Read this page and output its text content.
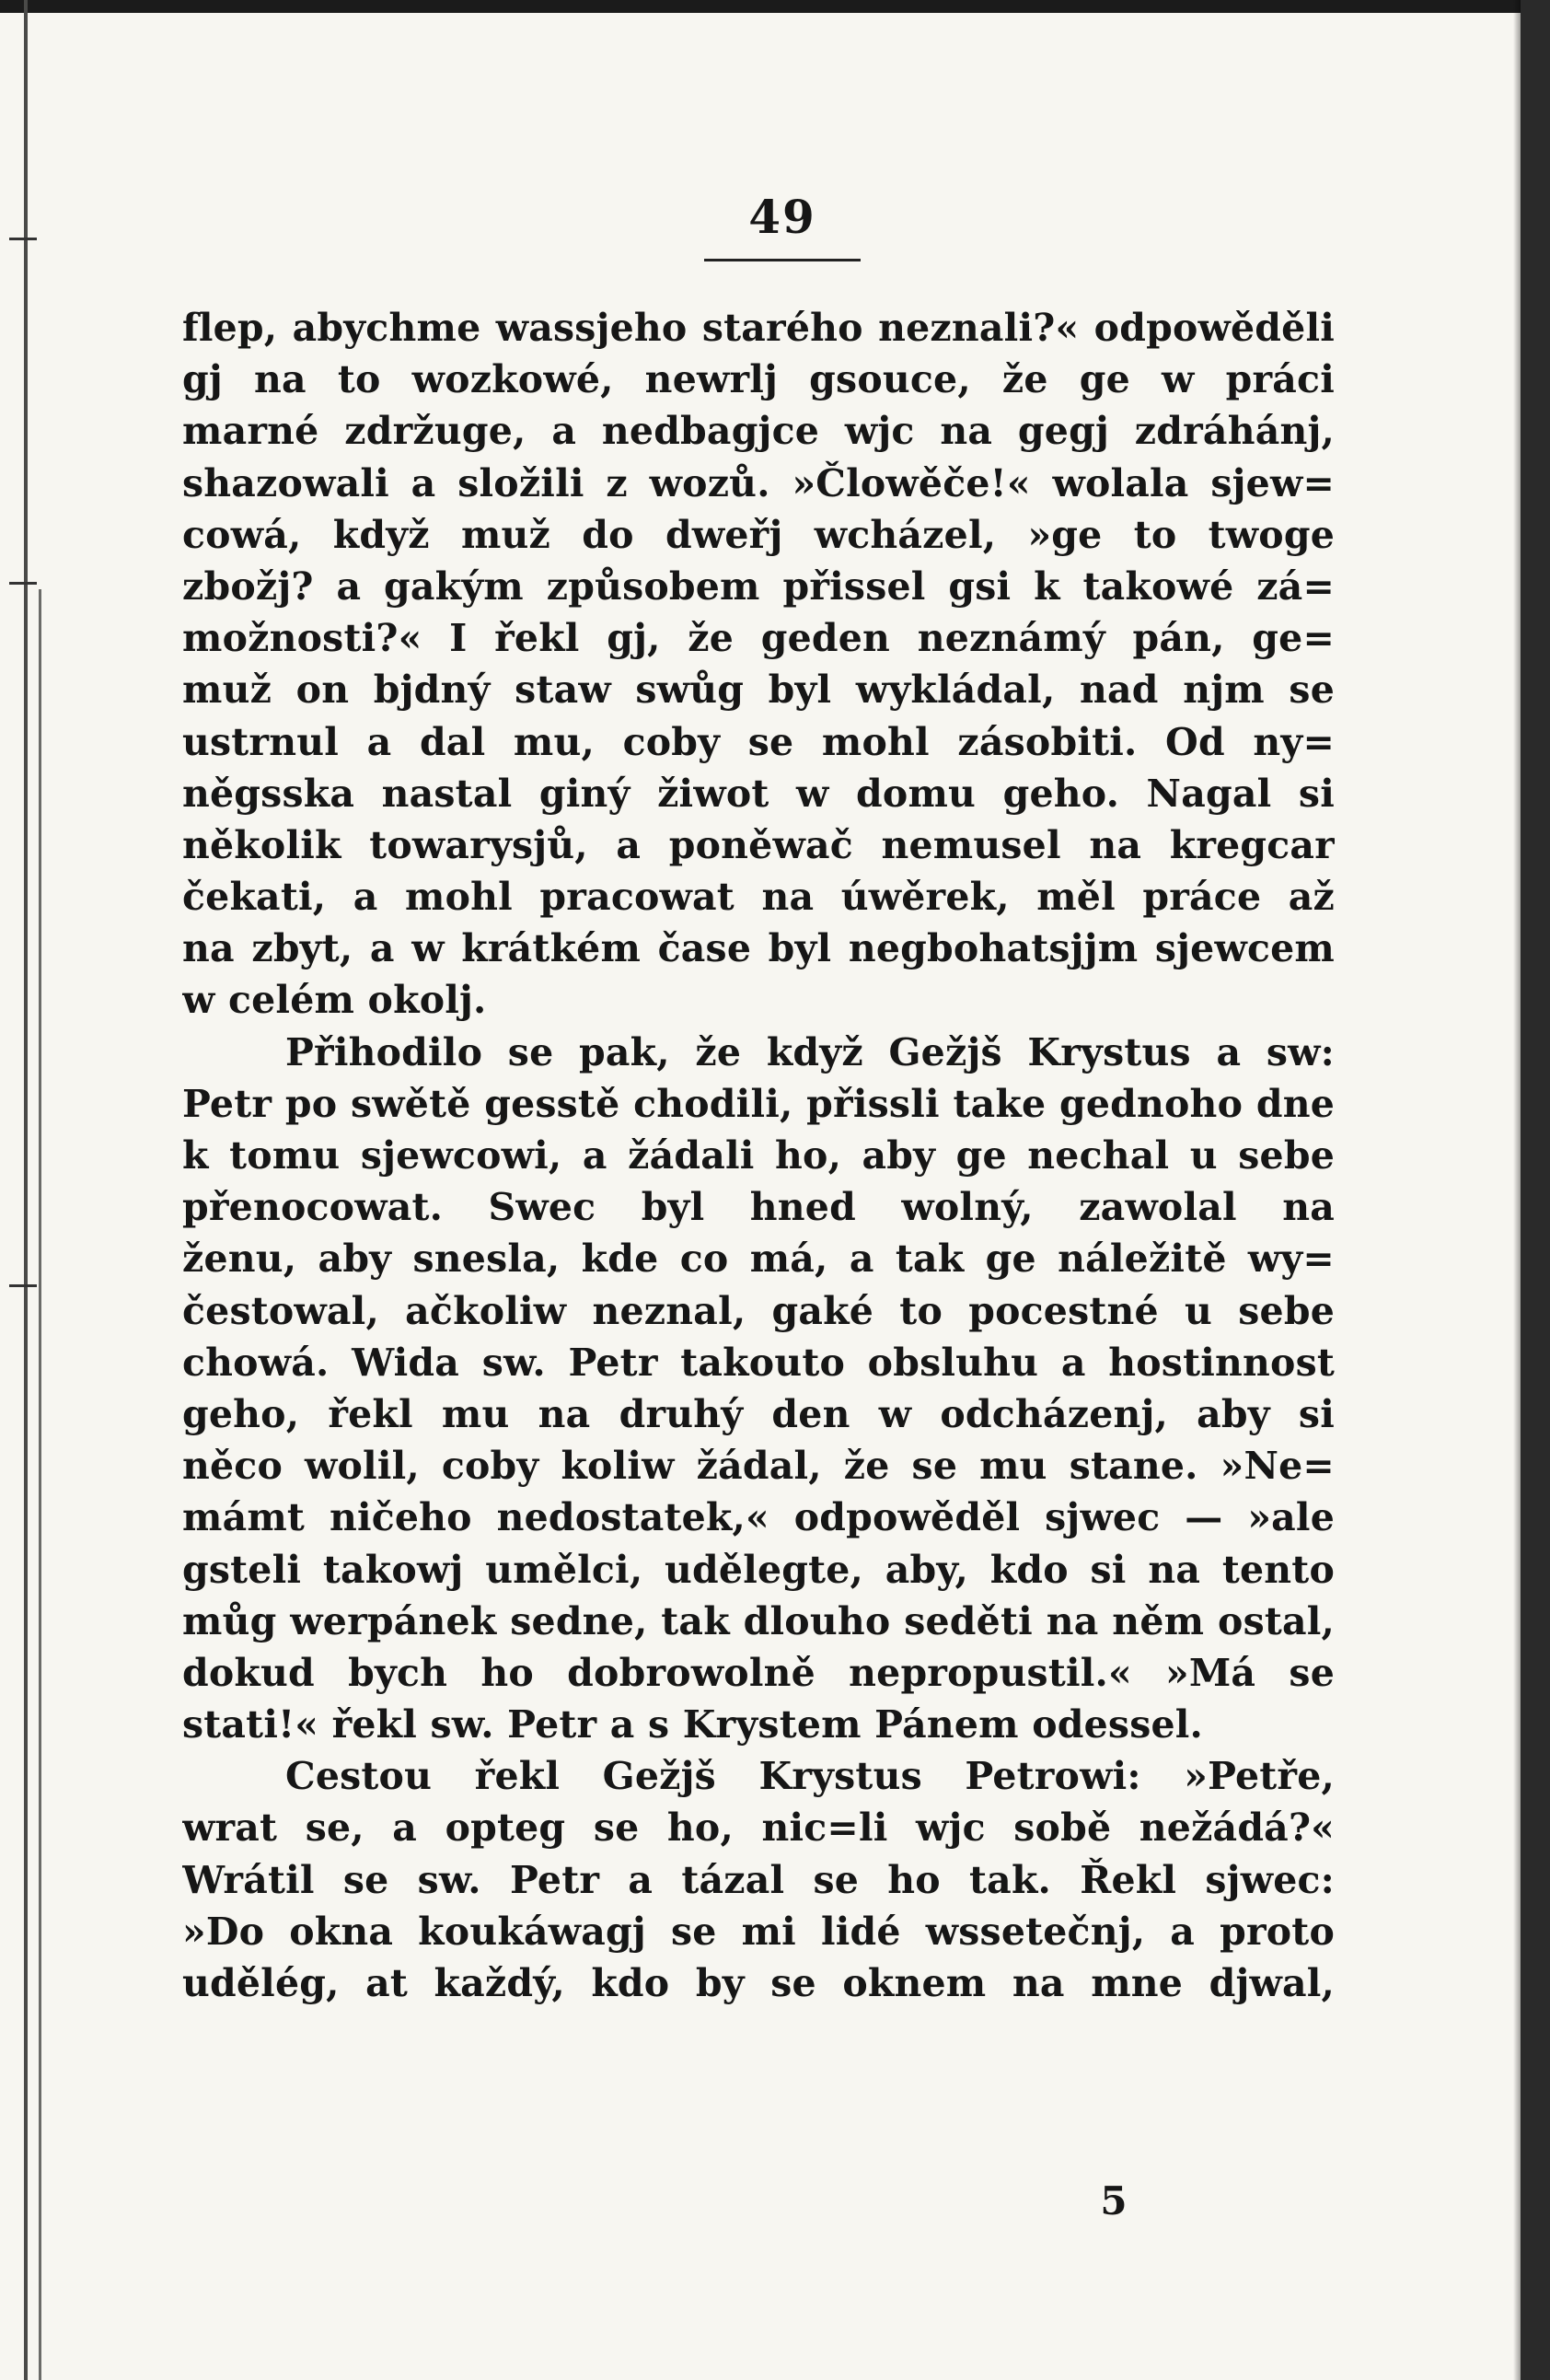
49
flep, abychme wassjeho starého neznali?« odpowěděli
gj na to wozkowé, newrlj gsouce, že ge w práci
marné zdržuge, a nedbagjce wjc na gegj zdráhánj,
shazowali a složili z wozů. »Člowěče!« wolala sjew=
cowá, když muž do dweřj wcházel, »ge to twoge
zbožj? a gakým způsobem přissel gsi k takowé zá=
možnosti?« I řekl gj, že geden neznámý pán, ge=
muž on bjdný staw swůg byl wykládal, nad njm se
ustrnul a dal mu, coby se mohl zásobiti. Od ny=
něgsska nastal giný žiwot w domu geho. Nagal si
několik towarysjů, a poněwač nemusel na kregcar
čekati, a mohl pracowat na úwěrek, měl práce až
na zbyt, a w krátkém čase byl negbohatsjjm sjewcem
w celém okolj.
Přihodilo se pak, že když Gežjš Krystus a sw:
Petr po swětě gesstě chodili, přissli take gednoho dne
k tomu sjewcowi, a žádali ho, aby ge nechal u sebe
přenocowat. Swec byl hned wolný, zawolal na
ženu, aby snesla, kde co má, a tak ge náležitě wy=
čestowal, ačkoliw neznal, gaké to pocestné u sebe
chowá. Wida sw. Petr takouto obsluhu a hostinnost
geho, řekl mu na druhý den w odcházenj, aby si
něco wolil, coby koliw žádal, že se mu stane. »Ne=
mámt ničeho nedostatek,« odpowěděl sjwec — »ale
gsteli takowj umělci, udělegte, aby, kdo si na tento
můg werpánek sedne, tak dlouho seděti na něm ostal,
dokud bych ho dobrowolně nepropustil.« »Má se
stati!« řekl sw. Petr a s Krystem Pánem odessel.
Cestou řekl Gežjš Krystus Petrowi: »Petře,
wrat se, a opteg se ho, nic=li wjc sobě nežádá?«
Wrátil se sw. Petr a tázal se ho tak. Řekl sjwec:
»Do okna koukáwagj se mi lidé wssetečnj, a proto
udělég, at každý, kdo by se oknem na mne djwal,
5
